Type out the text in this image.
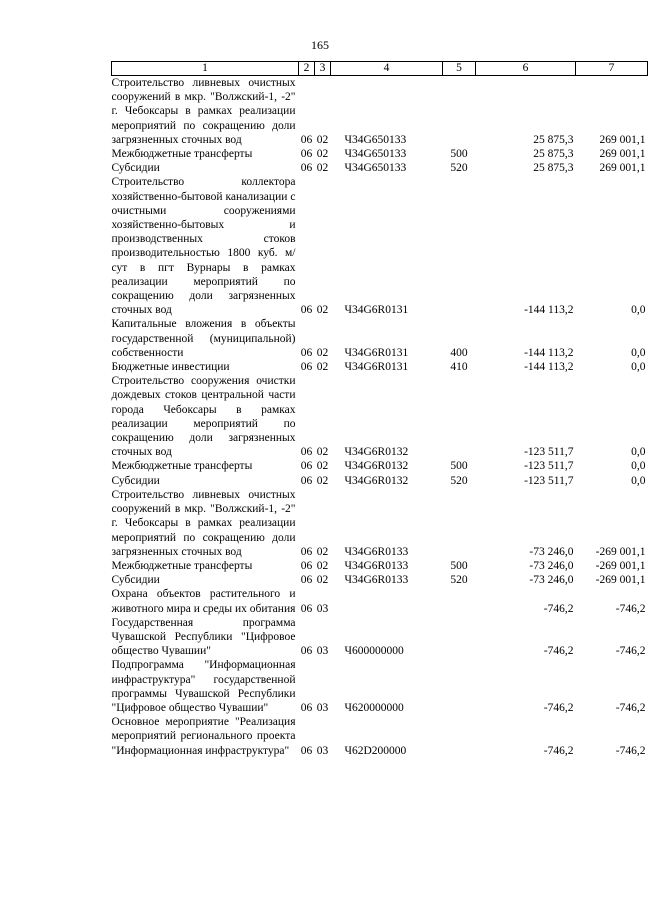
165
1	2	3	4	5	6	7
Строительство ливневых очистных сооружений в мкр. "Волжский-1, -2" г. Чебоксары в рамках реализации мероприятий по сокращению доли загрязненных сточных вод	06	02	Ч34G650133		25 875,3	269 001,1
Межбюджетные трансферты	06	02	Ч34G650133	500	25 875,3	269 001,1
Субсидии	06	02	Ч34G650133	520	25 875,3	269 001,1
Строительство коллектора хозяйственно-бытовой канализации с очистными сооружениями хозяйственно-бытовых и производственных стоков производительностью 1800 куб. м/сут в пгт Вурнары в рамках реализации мероприятий по сокращению доли загрязненных сточных вод	06	02	Ч34G6R0131		-144 113,2	0,0
Капитальные вложения в объекты государственной (муниципальной) собственности	06	02	Ч34G6R0131	400	-144 113,2	0,0
Бюджетные инвестиции	06	02	Ч34G6R0131	410	-144 113,2	0,0
Строительство сооружения очистки дождевых стоков центральной части города Чебоксары в рамках реализации мероприятий по сокращению доли загрязненных сточных вод	06	02	Ч34G6R0132		-123 511,7	0,0
Межбюджетные трансферты	06	02	Ч34G6R0132	500	-123 511,7	0,0
Субсидии	06	02	Ч34G6R0132	520	-123 511,7	0,0
Строительство ливневых очистных сооружений в мкр. "Волжский-1, -2" г. Чебоксары в рамках реализации мероприятий по сокращению доли загрязненных сточных вод	06	02	Ч34G6R0133		-73 246,0	-269 001,1
Межбюджетные трансферты	06	02	Ч34G6R0133	500	-73 246,0	-269 001,1
Субсидии	06	02	Ч34G6R0133	520	-73 246,0	-269 001,1
Охрана объектов растительного и животного мира и среды их обитания	06	03			-746,2	-746,2
Государственная программа Чувашской Республики "Цифровое общество Чувашии"	06	03	Ч600000000		-746,2	-746,2
Подпрограмма "Информационная инфраструктура" государственной программы Чувашской Республики "Цифровое общество Чувашии"	06	03	Ч620000000		-746,2	-746,2
Основное мероприятие "Реализация мероприятий регионального проекта "Информационная инфраструктура"	06	03	Ч62D200000		-746,2	-746,2
